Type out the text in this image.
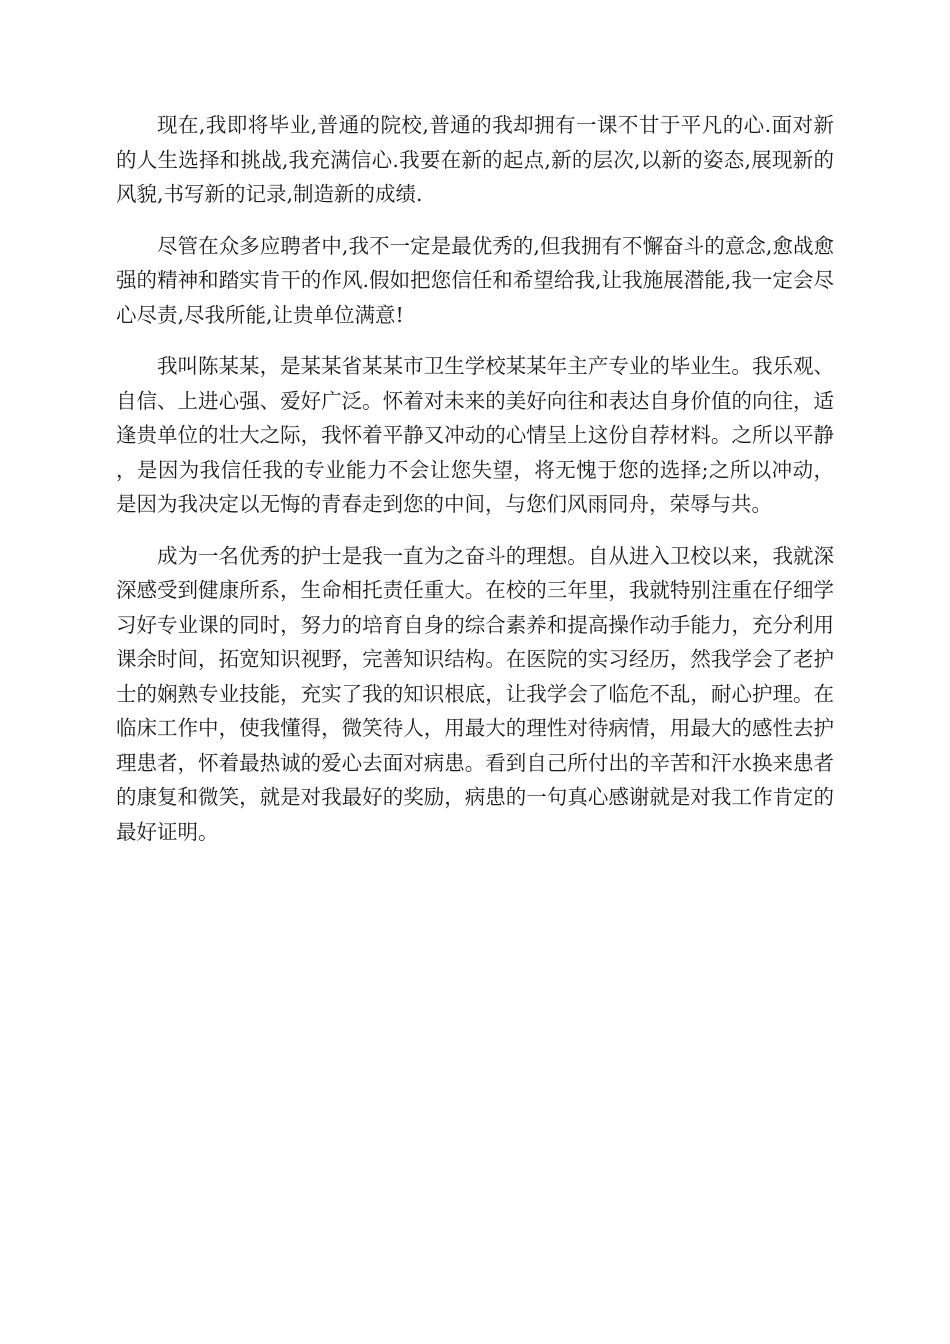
现在,我即将毕业,普通的院校,普通的我却拥有一课不甘于平凡的心.面对新的人生选择和挑战,我充满信心.我要在新的起点,新的层次,以新的姿态,展现新的风貌,书写新的记录,制造新的成绩.

尽管在众多应聘者中,我不一定是最优秀的,但我拥有不懈奋斗的意念,愈战愈强的精神和踏实肯干的作风.假如把您信任和希望给我,让我施展潜能,我一定会尽心尽责,尽我所能,让贵单位满意!

我叫陈某某，是某某省某某市卫生学校某某年主产专业的毕业生。我乐观、自信、上进心强、爱好广泛。怀着对未来的美好向往和表达自身价值的向往，适逢贵单位的壮大之际，我怀着平静又冲动的心情呈上这份自荐材料。之所以平静，是因为我信任我的专业能力不会让您失望，将无愧于您的选择;之所以冲动，是因为我决定以无悔的青春走到您的中间，与您们风雨同舟，荣辱与共。

成为一名优秀的护士是我一直为之奋斗的理想。自从进入卫校以来，我就深深感受到健康所系，生命相托责任重大。在校的三年里，我就特别注重在仔细学习好专业课的同时，努力的培育自身的综合素养和提高操作动手能力，充分利用课余时间，拓宽知识视野，完善知识结构。在医院的实习经历，然我学会了老护士的娴熟专业技能，充实了我的知识根底，让我学会了临危不乱，耐心护理。在临床工作中，使我懂得，微笑待人，用最大的理性对待病情，用最大的感性去护理患者，怀着最热诚的爱心去面对病患。看到自己所付出的辛苦和汗水换来患者的康复和微笑，就是对我最好的奖励，病患的一句真心感谢就是对我工作肯定的最好证明。
